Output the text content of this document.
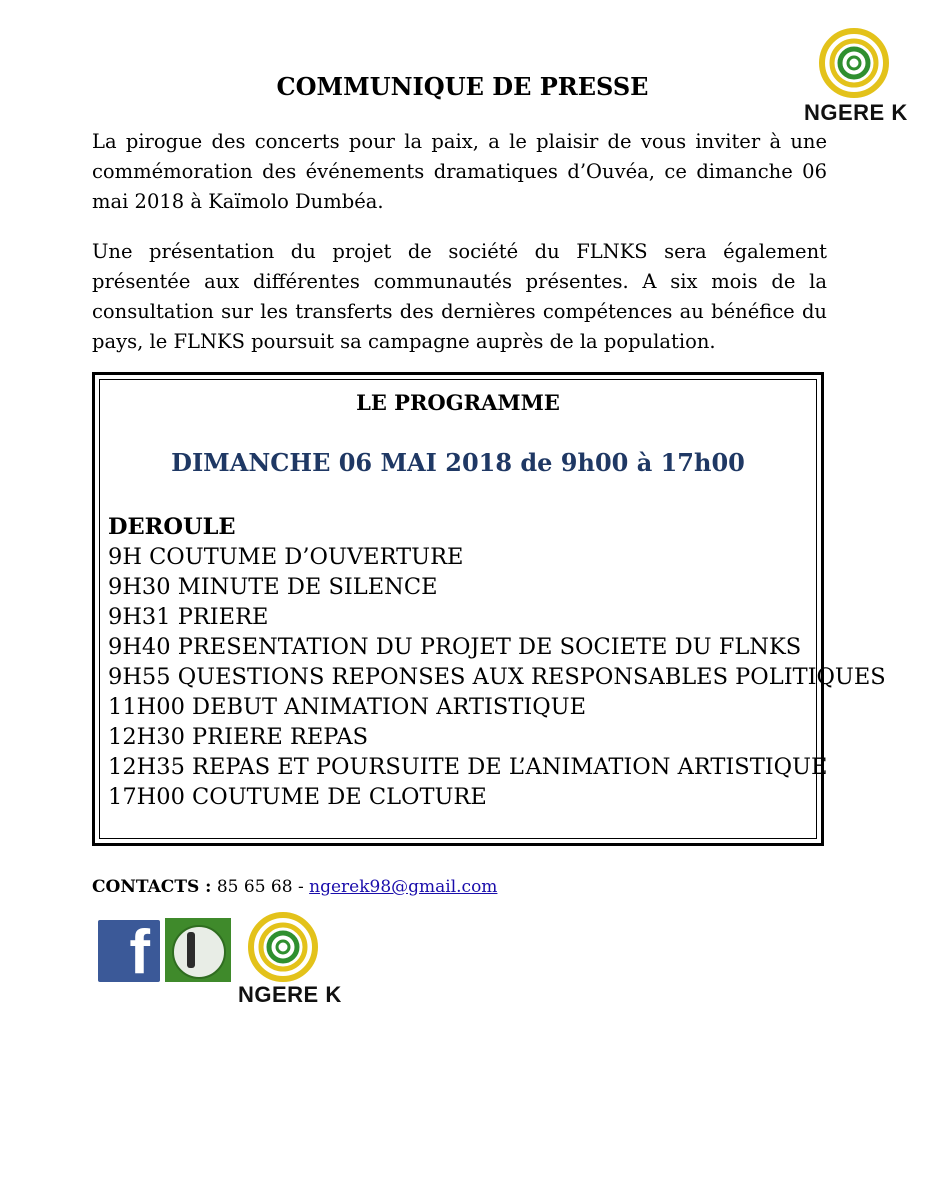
NGERE K
COMMUNIQUE DE PRESSE

La pirogue des concerts pour la paix, a le plaisir de vous inviter à une commémoration des événements dramatiques d’Ouvéa, ce dimanche 06 mai 2018 à Kaïmolo Dumbéa.

Une présentation du projet de société du FLNKS sera également présentée aux différentes communautés présentes. A six mois de la consultation sur les transferts des dernières compétences au bénéfice du pays, le FLNKS poursuit sa campagne auprès de la population.

LE PROGRAMME
DIMANCHE 06 MAI 2018 de 9h00 à 17h00
DEROULE
9H COUTUME D’OUVERTURE
9H30 MINUTE DE SILENCE
9H31 PRIERE
9H40 PRESENTATION DU PROJET DE SOCIETE DU FLNKS
9H55 QUESTIONS REPONSES AUX RESPONSABLES POLITIQUES
11H00 DEBUT ANIMATION ARTISTIQUE
12H30 PRIERE REPAS
12H35 REPAS ET POURSUITE DE L’ANIMATION ARTISTIQUE
17H00 COUTUME DE CLOTURE
CONTACTS : 85 65 68 - ngerek98@gmail.com
f
NGERE K
